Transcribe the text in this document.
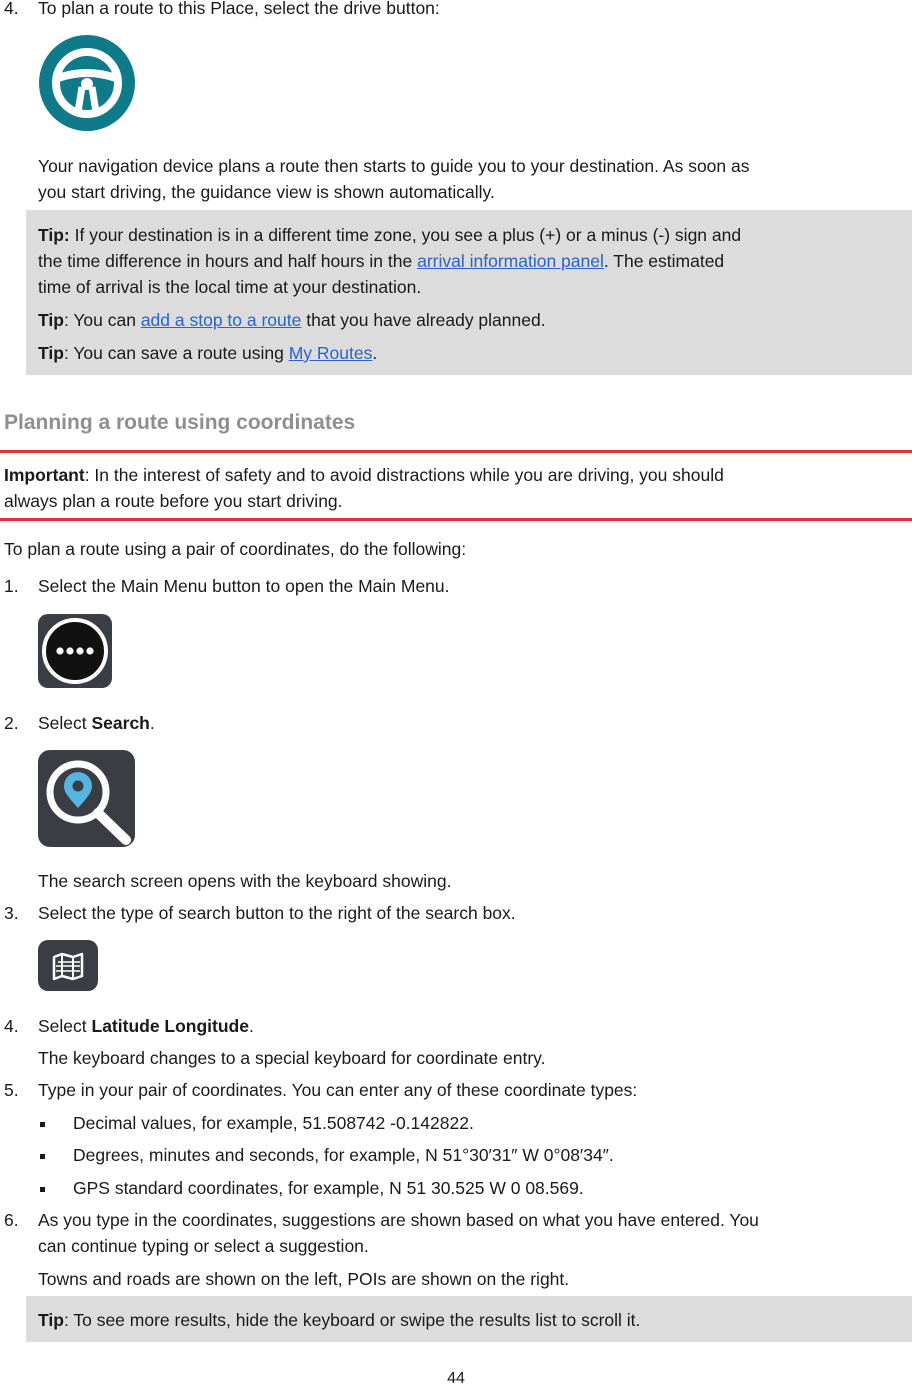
4. To plan a route to this Place, select the drive button:
Your navigation device plans a route then starts to guide you to your destination. As soon as
you start driving, the guidance view is shown automatically.
Tip: If your destination is in a different time zone, you see a plus (+) or a minus (-) sign and
the time difference in hours and half hours in the arrival information panel. The estimated
time of arrival is the local time at your destination.
Tip: You can add a stop to a route that you have already planned.
Tip: You can save a route using My Routes.
Planning a route using coordinates
Important: In the interest of safety and to avoid distractions while you are driving, you should
always plan a route before you start driving.
To plan a route using a pair of coordinates, do the following:
1. Select the Main Menu button to open the Main Menu.
2. Select Search.
The search screen opens with the keyboard showing.
3. Select the type of search button to the right of the search box.
4. Select Latitude Longitude.
The keyboard changes to a special keyboard for coordinate entry.
5. Type in your pair of coordinates. You can enter any of these coordinate types:
Decimal values, for example, 51.508742 -0.142822.
Degrees, minutes and seconds, for example, N 51°30′31″ W 0°08′34″.
GPS standard coordinates, for example, N 51 30.525 W 0 08.569.
6. As you type in the coordinates, suggestions are shown based on what you have entered. You
can continue typing or select a suggestion.
Towns and roads are shown on the left, POIs are shown on the right.
Tip: To see more results, hide the keyboard or swipe the results list to scroll it.
44
